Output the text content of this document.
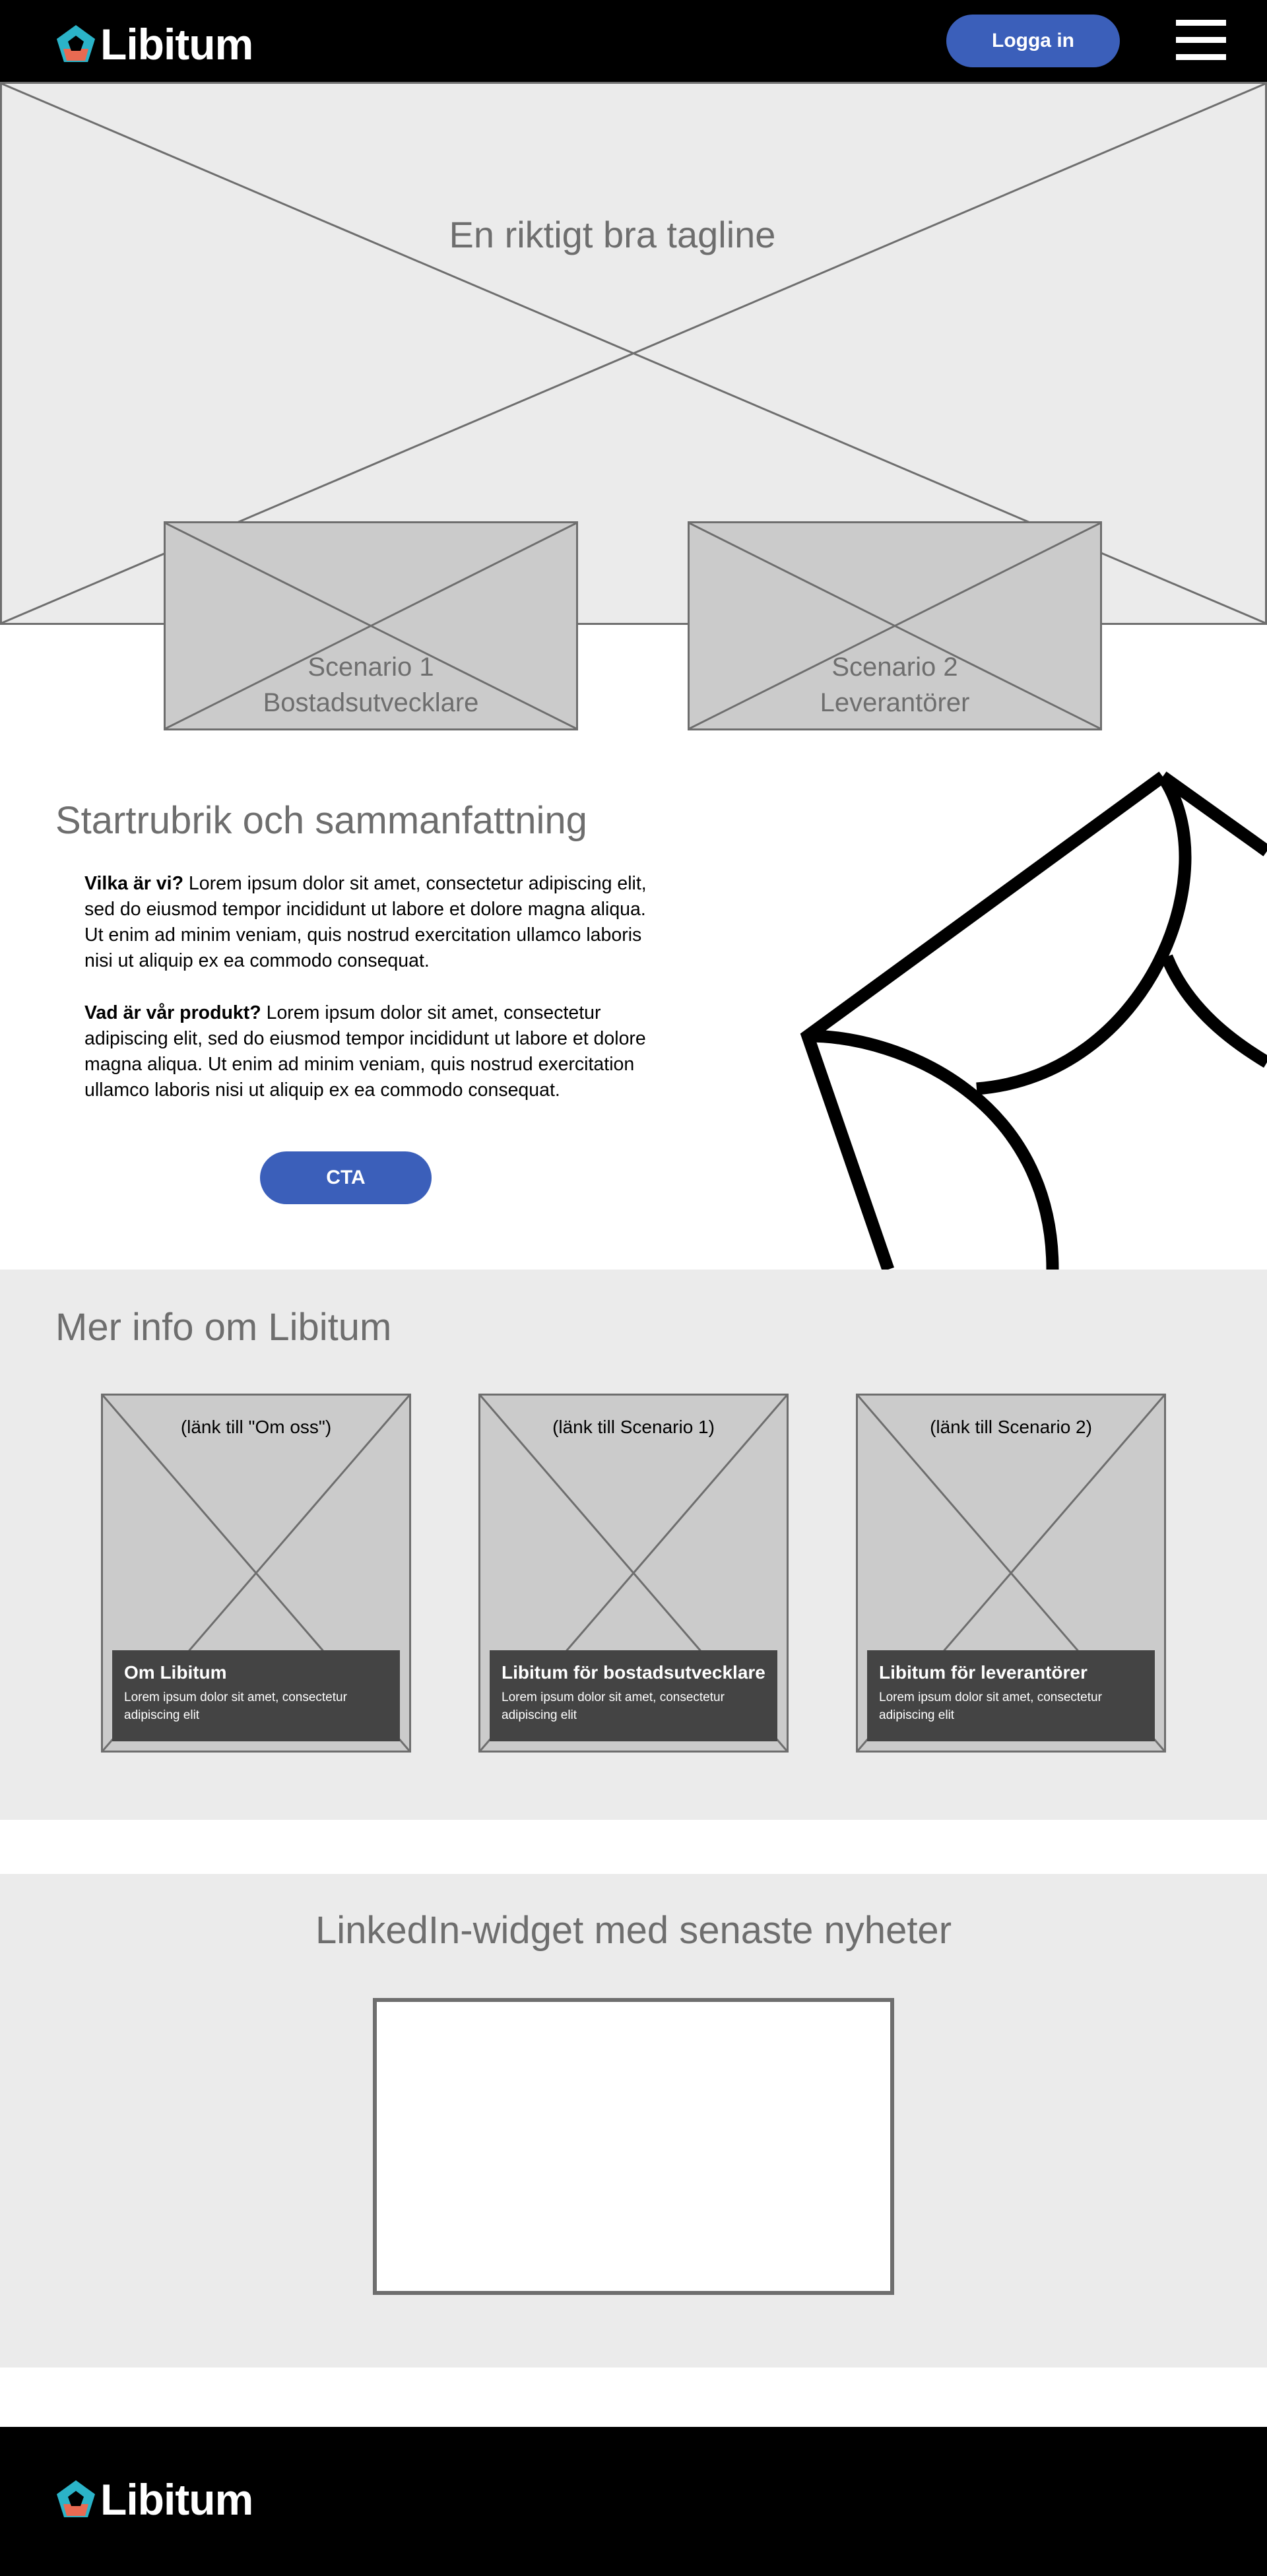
Libitum	Logga in
En riktigt bra tagline
Scenario 1
Bostadsutvecklare
Scenario 2
Leverantörer
Startrubrik och sammanfattning

Vilka är vi? Lorem ipsum dolor sit amet, consectetur adipiscing elit, sed do eiusmod tempor incididunt ut labore et dolore magna aliqua. Ut enim ad minim veniam, quis nostrud exercitation ullamco laboris nisi ut aliquip ex ea commodo consequat.

Vad är vår produkt? Lorem ipsum dolor sit amet, consectetur adipiscing elit, sed do eiusmod tempor incididunt ut labore et dolore magna aliqua. Ut enim ad minim veniam, quis nostrud exercitation ullamco laboris nisi ut aliquip ex ea commodo consequat.

CTA
Mer info om Libitum
(länk till "Om oss")
Om Libitum
Lorem ipsum dolor sit amet, consectetur adipiscing elit
(länk till Scenario 1)
Libitum för bostadsutvecklare
Lorem ipsum dolor sit amet, consectetur adipiscing elit
(länk till Scenario 2)
Libitum för leverantörer
Lorem ipsum dolor sit amet, consectetur adipiscing elit
LinkedIn-widget med senaste nyheter
Libitum
